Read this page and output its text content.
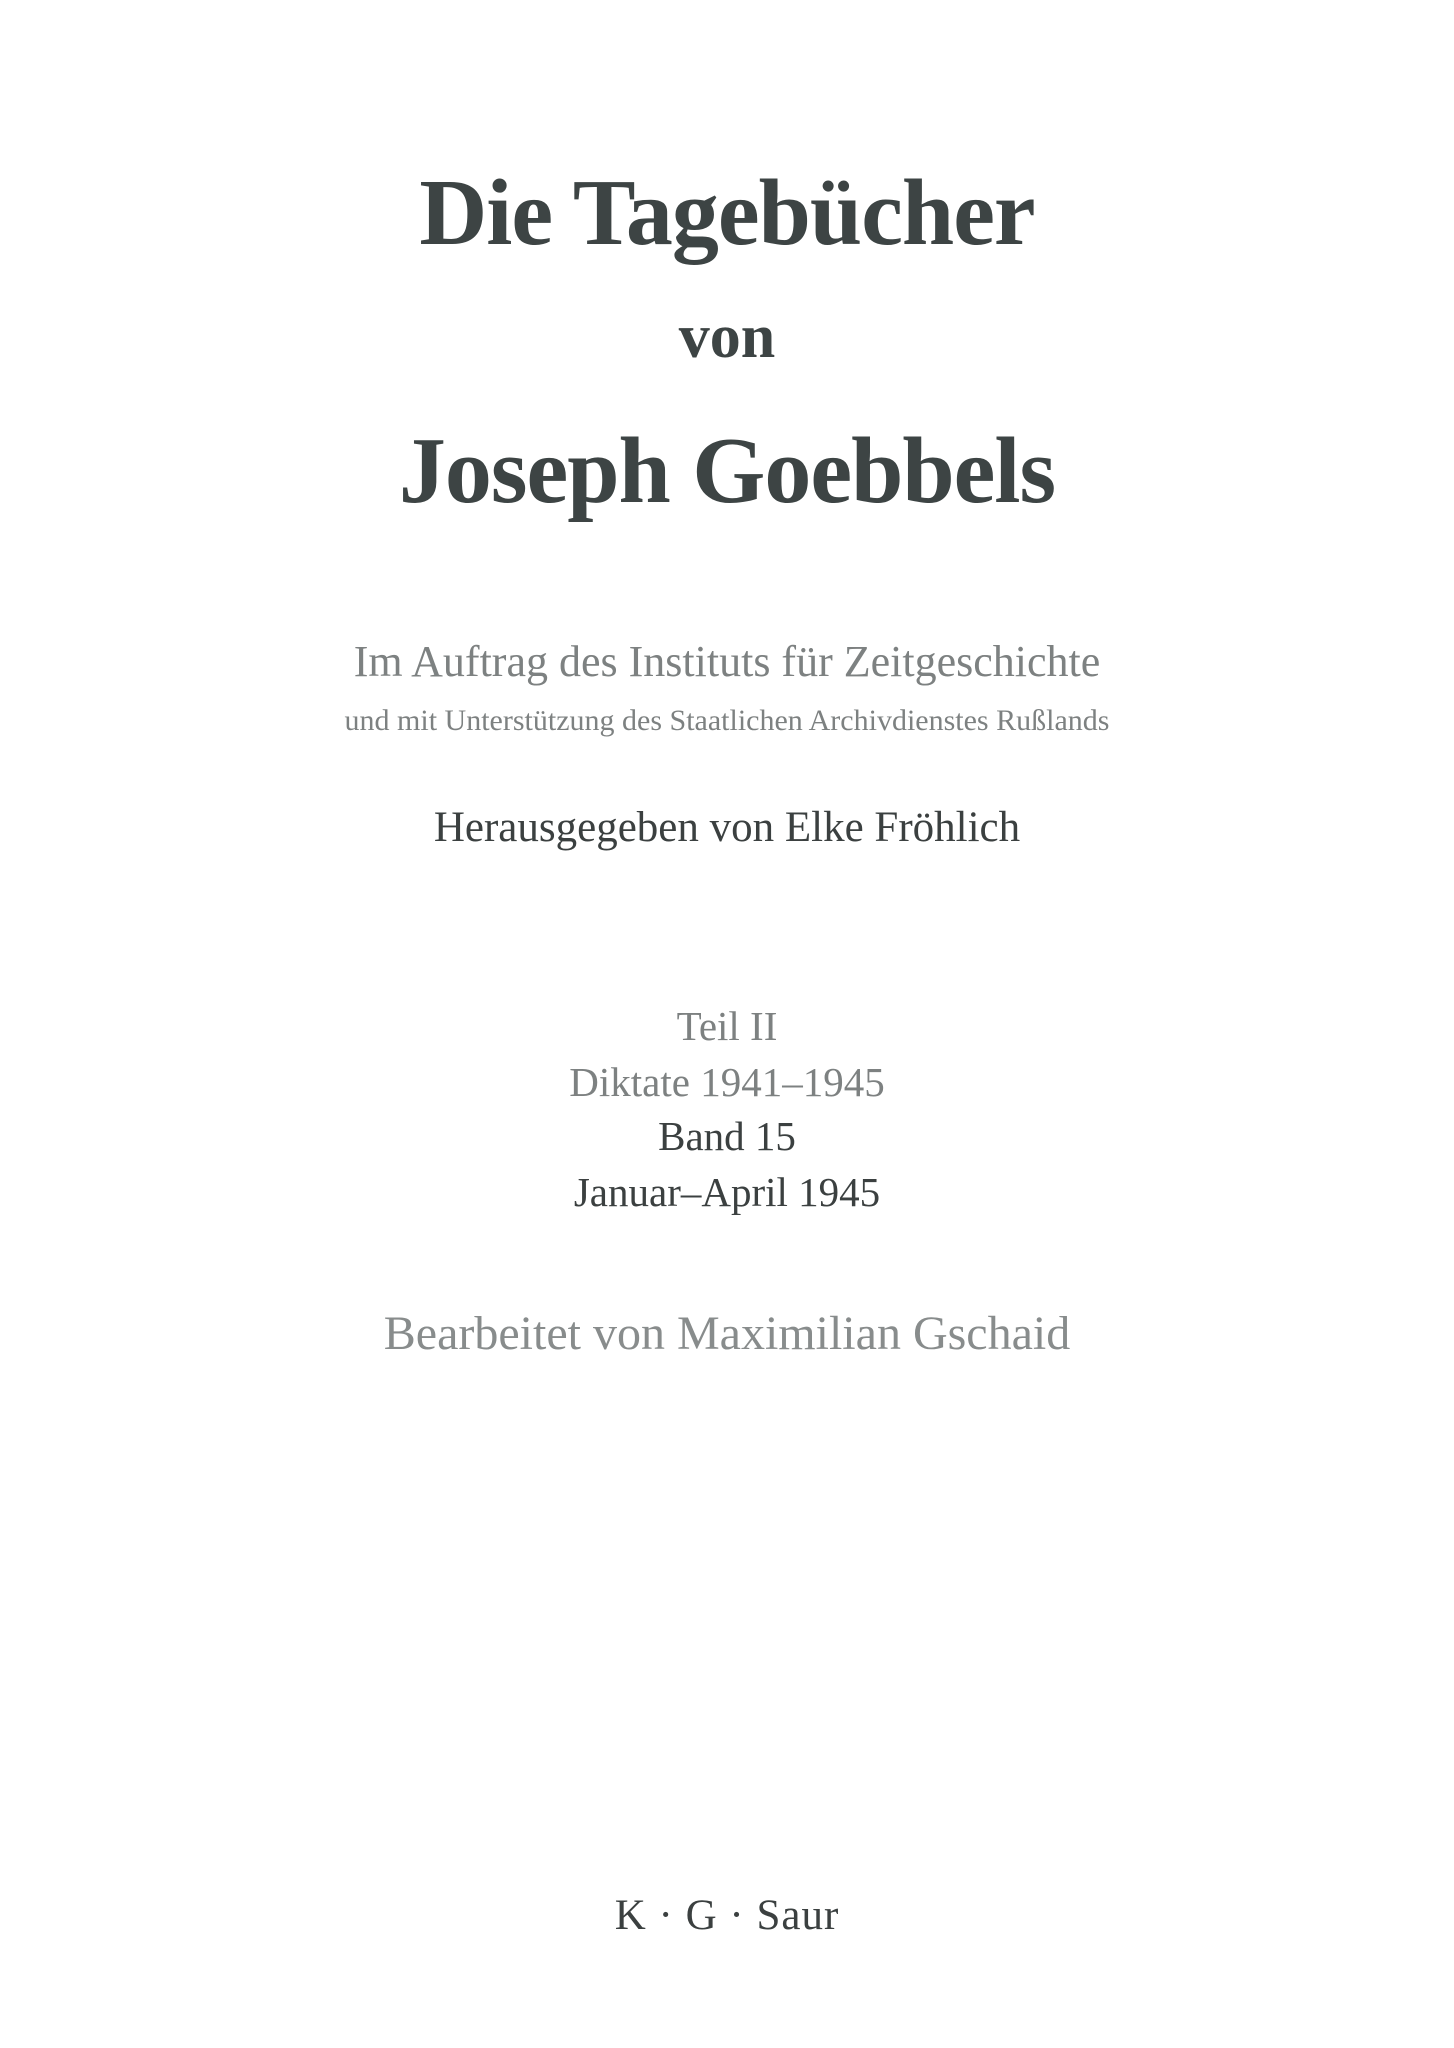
Die Tagebücher
von
Joseph Goebbels
Im Auftrag des Instituts für Zeitgeschichte
und mit Unterstützung des Staatlichen Archivdienstes Rußlands
Herausgegeben von Elke Fröhlich
Teil II
Diktate 1941–1945
Band 15
Januar–April 1945
Bearbeitet von Maximilian Gschaid
K · G · Saur
